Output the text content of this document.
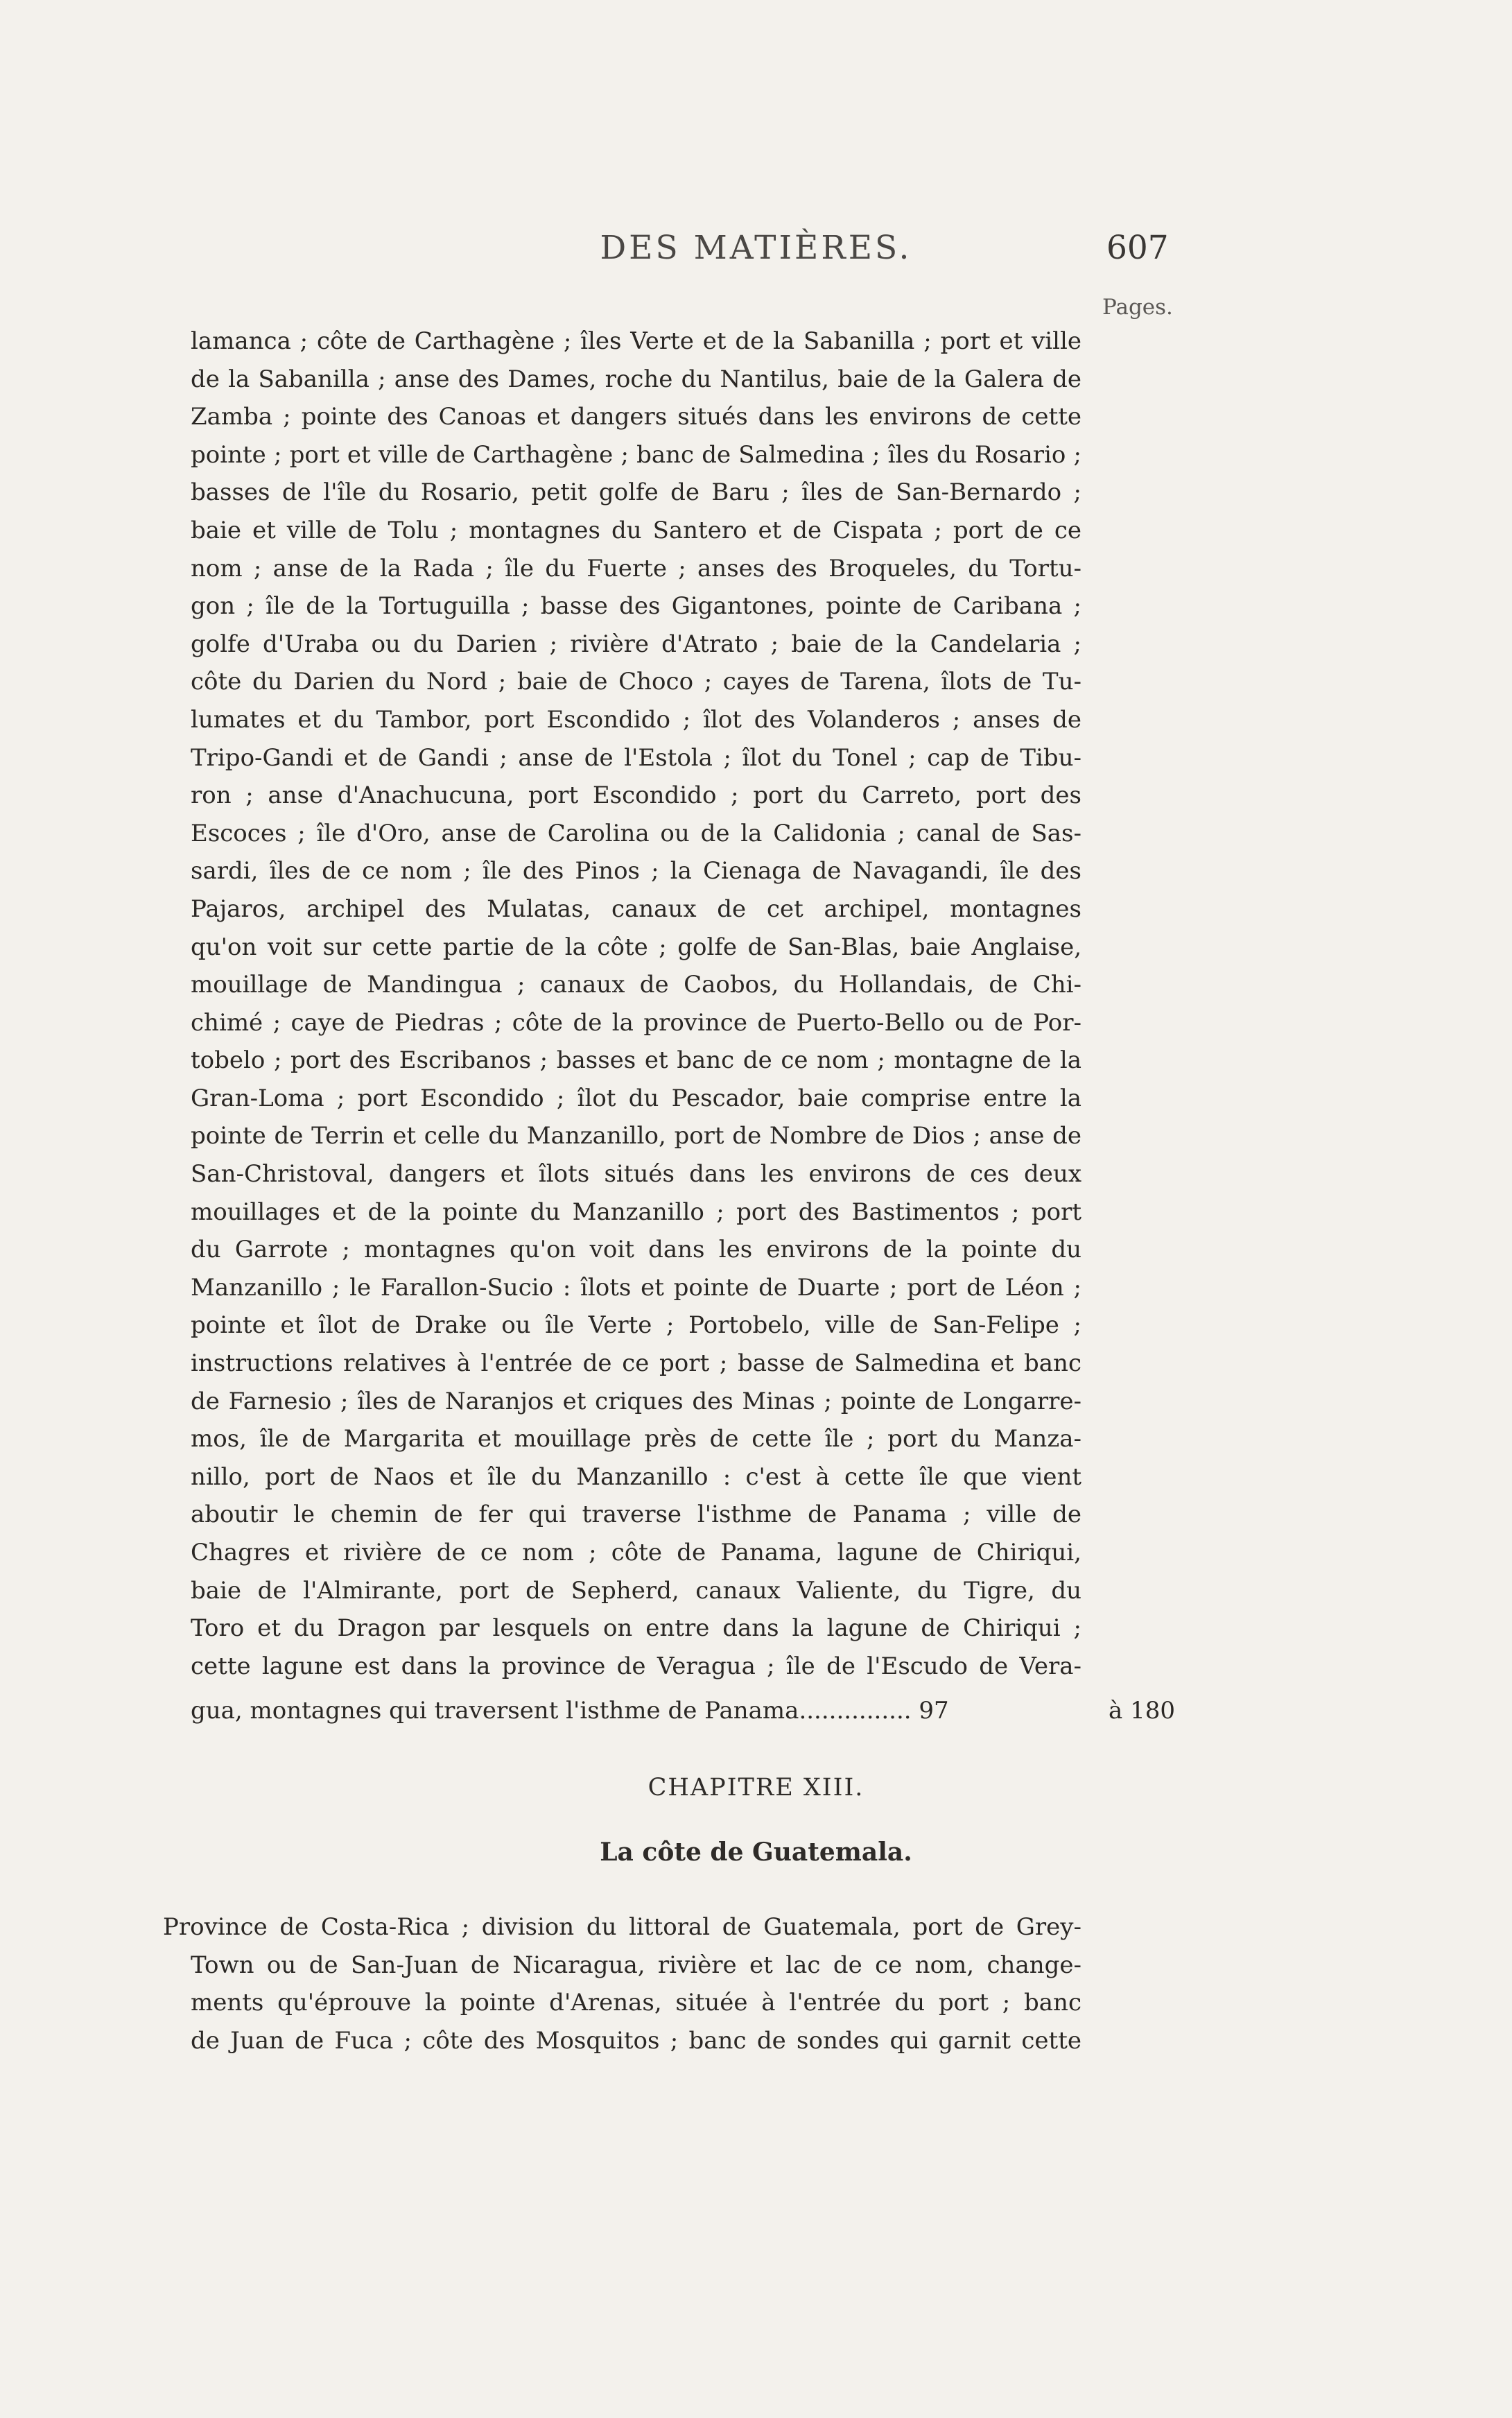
DES MATIÈRES.	607
Pages.
lamanca ; côte de Carthagène ; îles Verte et de la Sabanilla ; port et ville
de la Sabanilla ; anse des Dames, roche du Nantilus, baie de la Galera de
Zamba ; pointe des Canoas et dangers situés dans les environs de cette
pointe ; port et ville de Carthagène ; banc de Salmedina ; îles du Rosario ;
basses de l'île du Rosario, petit golfe de Baru ; îles de San-Bernardo ;
baie et ville de Tolu ; montagnes du Santero et de Cispata ; port de ce
nom ; anse de la Rada ; île du Fuerte ; anses des Broqueles, du Tortu-
gon ; île de la Tortuguilla ; basse des Gigantones, pointe de Caribana ;
golfe d'Uraba ou du Darien ; rivière d'Atrato ; baie de la Candelaria ;
côte du Darien du Nord ; baie de Choco ; cayes de Tarena, îlots de Tu-
lumates et du Tambor, port Escondido ; îlot des Volanderos ; anses de
Tripo-Gandi et de Gandi ; anse de l'Estola ; îlot du Tonel ; cap de Tibu-
ron ; anse d'Anachucuna, port Escondido ; port du Carreto, port des
Escoces ; île d'Oro, anse de Carolina ou de la Calidonia ; canal de Sas-
sardi, îles de ce nom ; île des Pinos ; la Cienaga de Navagandi, île des
Pajaros, archipel des Mulatas, canaux de cet archipel, montagnes
qu'on voit sur cette partie de la côte ; golfe de San-Blas, baie Anglaise,
mouillage de Mandingua ; canaux de Caobos, du Hollandais, de Chi-
chimé ; caye de Piedras ; côte de la province de Puerto-Bello ou de Por-
tobelo ; port des Escribanos ; basses et banc de ce nom ; montagne de la
Gran-Loma ; port Escondido ; îlot du Pescador, baie comprise entre la
pointe de Terrin et celle du Manzanillo, port de Nombre de Dios ; anse de
San-Christoval, dangers et îlots situés dans les environs de ces deux
mouillages et de la pointe du Manzanillo ; port des Bastimentos ; port
du Garrote ; montagnes qu'on voit dans les environs de la pointe du
Manzanillo ; le Farallon-Sucio : îlots et pointe de Duarte ; port de Léon ;
pointe et îlot de Drake ou île Verte ; Portobelo, ville de San-Felipe ;
instructions relatives à l'entrée de ce port ; basse de Salmedina et banc
de Farnesio ; îles de Naranjos et criques des Minas ; pointe de Longarre-
mos, île de Margarita et mouillage près de cette île ; port du Manza-
nillo, port de Naos et île du Manzanillo : c'est à cette île que vient
aboutir le chemin de fer qui traverse l'isthme de Panama ; ville de
Chagres et rivière de ce nom ; côte de Panama, lagune de Chiriqui,
baie de l'Almirante, port de Sepherd, canaux Valiente, du Tigre, du
Toro et du Dragon par lesquels on entre dans la lagune de Chiriqui ;
cette lagune est dans la province de Veragua ; île de l'Escudo de Vera-
gua, montagnes qui traversent l'isthme de Panama............... 97	à 180
CHAPITRE XIII.
La côte de Guatemala.
Province de Costa-Rica ; division du littoral de Guatemala, port de Grey-
Town ou de San-Juan de Nicaragua, rivière et lac de ce nom, change-
ments qu'éprouve la pointe d'Arenas, située à l'entrée du port ; banc
de Juan de Fuca ; côte des Mosquitos ; banc de sondes qui garnit cette
